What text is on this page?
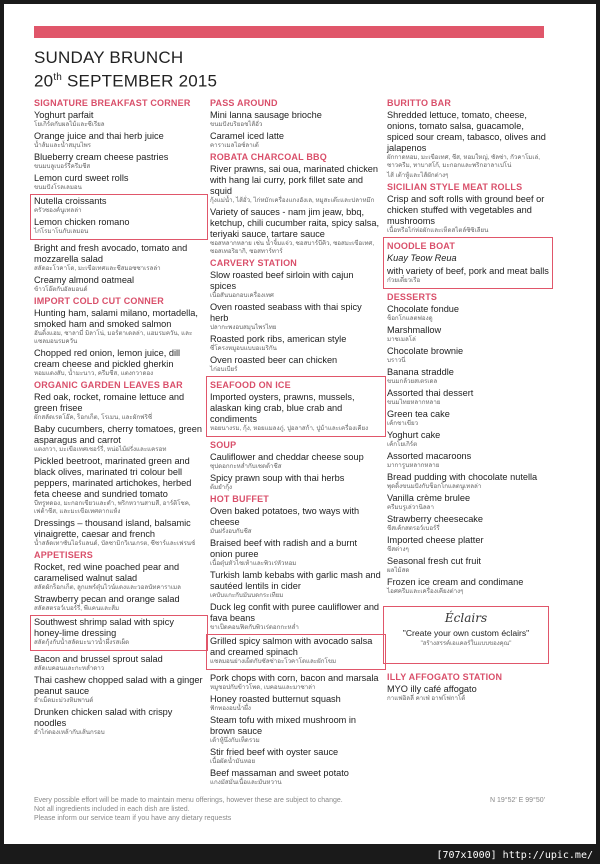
SUNDAY BRUNCH
20th SEPTEMBER 2015
SIGNATURE BREAKFAST CORNER
Yoghurt parfait
โยเกิร์ตกับผลไม้และซีเรียล
Orange juice and thai herb juice
น้ำส้มและน้ำสมุนไพร
Blueberry cream cheese pastries
ขนมบลูเบอร์รี่ครีมชีส
Lemon curd sweet rolls
ขนมปังโรลเลมอน
Nutella croissants
ครัวซองค์นูเทลล่า
Lemon chicken romano
ไก่โรมาโนกับเลมอน
Bright and fresh avocado, tomato and mozzarella salad
สลัดอะโวคาโด, มะเขือเทศและชีสมอซซาเรลล่า
Creamy almond oatmeal
ข้าวโอ๊ตกับอัลมอนด์
IMPORT COLD CUT CONNER
Hunting ham, salami milano, mortadella, smoked ham and smoked salmon
ฮันติ้งแฮม, ซาลามี่ มิลาโน่, มอร์ตาเดลล่า, แฮมรมควัน, และแซลมอนรมควัน
Chopped red onion, lemon juice, dill cream cheese and pickled gherkin
หอมแดงสับ, น้ำมะนาว, ครีมชีส, แตงกวาดอง
ORGANIC GARDEN LEAVES BAR
Red oak, rocket, romaine lettuce and green frisee
ผักสลัดเรดโอ๊ค, ร็อกเก็ต, โรเมน, และผักฟริซี่
Baby cucumbers, cherry tomatoes, green asparagus and carrot
แตงกวา, มะเขือเทศเชอร์รี่, หน่อไม้ฝรั่งและแครอท
Pickled beetroot, marinated green and black olives, marinated tri colour bell peppers, marinated artichokes, herbed feta cheese and sundried tomato
บีทรูทดอง, มะกอกเขียวและดำ, พริกหวานสามสี, อาร์ติโชค, เฟต้าชีส, และมะเขือเทศตากแห้ง
Dressings – thousand island, balsamic vinaigrette, caesar and french
น้ำสลัดเทาซันไอร์แลนด์, บัลซามิกวิเนเกรต, ซีซาร์และเฟรนช์
APPETISERS
Rocket, red wine poached pear and caramelised walnut salad
สลัดผักร็อกเก็ต, ลูกแพร์ตุ๋นไวน์แดงและวอลนัทคาราเมล
Strawberry pecan and orange salad
สลัดสตรอว์เบอร์รี่, พีแคนและส้ม
Southwest shrimp salad with spicy honey-lime dressing
สลัดกุ้งกับน้ำสลัดมะนาวน้ำผึ้งรสเผ็ด
Bacon and brussel sprout salad
สลัดเบคอนและกะหล่ำดาว
Thai cashew chopped salad with a ginger peanut sauce
ยำเม็ดมะม่วงหิมพานต์
Drunken chicken salad with crispy noodles
ยำไก่ดองเหล้ากับเส้นกรอบ
PASS AROUND
Mini lanna sausage brioche
ขนมปังบริยอชไส้อั่ว
Caramel iced latte
คาราเมลไอซ์ลาเต้
ROBATA CHARCOAL BBQ
River prawns, sai oua, marinated chicken with hang lai curry, pork fillet sate and squid
กุ้งแม่น้ำ, ไส้อั่ว, ไก่หมักเครื่องแกงฮังเล, หมูสะเต๊ะและปลาหมึก
Variety of sauces - nam jim jeaw, bbq, ketchup, chili cucumber raita, spicy salsa, teriyaki sauce, tartare sauce
ซอสหลากหลาย เช่น น้ำจิ้มแจ่ว, ซอสบาร์บีคิว, ซอสมะเขือเทศ, ซอสเทอริยากิ, ซอสทาร์ทาร์
CARVERY STATION
Slow roasted beef sirloin with cajun spices
เนื้อสันนอกอบเครื่องเทศ
Oven roasted seabass with thai spicy herb
ปลากะพงอบสมุนไพรไทย
Roasted pork ribs, american style
ซี่โครงหมูอบแบบอเมริกัน
Oven roasted beer can chicken
ไก่อบเบียร์
SEAFOOD ON ICE
Imported oysters, prawns, mussels, alaskan king crab, blue crab and condiments
หอยนางรม, กุ้ง, หอยแมลงภู่, ปูอลาสก้า, ปูม้าและเครื่องเคียง
SOUP
Cauliflower and cheddar cheese soup
ซุปดอกกะหล่ำกับเชดด้าชีส
Spicy prawn soup with thai herbs
ต้มยำกุ้ง
HOT BUFFET
Oven baked potatoes, two ways with cheese
มันฝรั่งอบกับชีส
Braised beef with radish and a burnt onion puree
เนื้อตุ๋นหัวไชเท้าและพิวเร่หัวหอม
Turkish lamb kebabs with garlic mash and sautéed lentils in cider
เคบับแกะกับมันบดกระเทียม
Duck leg confit with puree cauliflower and fava beans
ขาเป็ดคอนฟิตกับพิวเร่ดอกกะหล่ำ
Grilled spicy salmon with avocado salsa and creamed spinach
แซลมอนย่างเผ็ดกับซัลซ่าอะโวคาโดและผักโขม
Pork chops with corn, bacon and marsala
หมูชอปกับข้าวโพด, เบคอนและมาซาล่า
Honey roasted butternut squash
ฟักทองอบน้ำผึ้ง
Steam tofu with mixed mushroom in brown sauce
เต้าหู้นึ่งกับเห็ดรวม
Stir fried beef with oyster sauce
เนื้อผัดน้ำมันหอย
Beef massaman and sweet potato
แกงมัสมั่นเนื้อและมันหวาน
BURITTO BAR
Shredded lettuce, tomato, cheese, onions, tomato salsa, guacamole, spiced sour cream, tabasco, olives and jalapenos
ผักกาดหอม, มะเขือเทศ, ชีส, หอมใหญ่, ซัลซ่า, กัวคาโมเล่, ซาวครีม, ทาบาสโก้, มะกอกและพริกฮาลาเปโน่
ไส้ เต้าหู้และไส้ผักต่างๆ
SICILIAN STYLE MEAT ROLLS
Crisp and soft rolls with ground beef or chicken stuffed with vegetables and mushrooms
เนื้อหรือไก่ห่อผักและเห็ดสไตล์ซิซิเลียน
NOODLE BOAT
Kuay Teow Reua
with variety of beef, pork and meat balls
ก๋วยเตี๋ยวเรือ
DESSERTS
Chocolate fondue
ช็อกโกแลตฟองดู
Marshmallow
มาชเมลโล่
Chocolate brownie
บราวนี่
Banana straddle
ขนมกล้วยสเตรเดล
Assorted thai dessert
ขนมไทยหลากหลาย
Green tea cake
เค้กชาเขียว
Yoghurt cake
เค้กโยเกิร์ต
Assorted macaroons
มาการูนหลากหลาย
Bread pudding with chocolate nutella
พุดดิ้งขนมปังกับช็อกโกแลตนูเทลล่า
Vanilla crème brulee
ครีมบรูเล่วานิลลา
Strawberry cheesecake
ชีสเค้กสตรอว์เบอร์รี่
Imported cheese platter
ชีสต่างๆ
Seasonal fresh cut fruit
ผลไม้สด
Frozen ice cream and condimane
ไอศครีมและเครื่องเคียงต่างๆ
Éclairs
"Create your own custom éclairs"
"สร้างสรรค์เอแคลร์ในแบบของคุณ"
ILLY AFFOGATO STATION
MYO illy café affogato
กาแฟอิลลี่ คาเฟ่ อาฟโฟกาโต้
Every possible effort will be made to maintain menu offerings, however these are subject to change.
Not all ingredients included in each dish are listed.
Please inform our service team if you have any dietary requests
N 19°52' E 99°50'
[707x1000] http://upic.me/
